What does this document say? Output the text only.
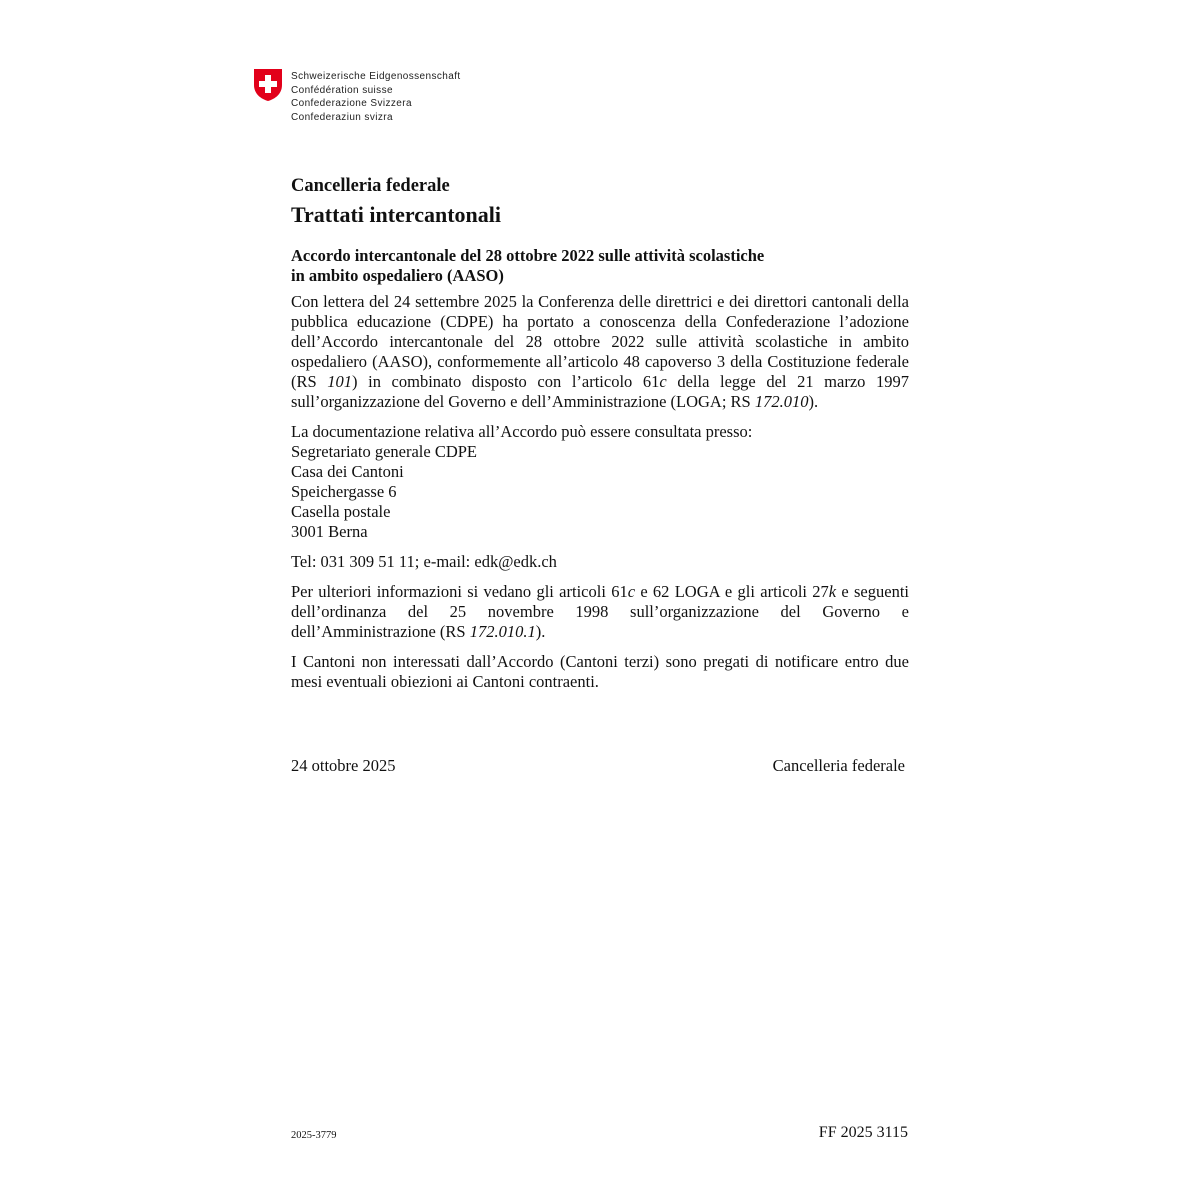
Schweizerische Eidgenossenschaft
Confédération suisse
Confederazione Svizzera
Confederaziun svizra
Cancelleria federale
Trattati intercantonali
Accordo intercantonale del 28 ottobre 2022 sulle attività scolastiche
in ambito ospedaliero (AASO)

Con lettera del 24 settembre 2025 la Conferenza delle direttrici e dei direttori cantonali della pubblica educazione (CDPE) ha portato a conoscenza della Confederazione l’adozione dell’Accordo intercantonale del 28 ottobre 2022 sulle attività scolastiche in ambito ospedaliero (AASO), conformemente all’articolo 48 capoverso 3 della Costituzione federale (RS 101) in combinato disposto con l’articolo 61c della legge del 21 marzo 1997 sull’organizzazione del Governo e dell’Amministrazione (LOGA; RS 172.010).

La documentazione relativa all’Accordo può essere consultata presso:
Segretariato generale CDPE
Casa dei Cantoni
Speichergasse 6
Casella postale
3001 Berna

Tel: 031 309 51 11; e-mail: edk@edk.ch

Per ulteriori informazioni si vedano gli articoli 61c e 62 LOGA e gli articoli 27k e seguenti dell’ordinanza del 25 novembre 1998 sull’organizzazione del Governo e dell’Amministrazione (RS 172.010.1).

I Cantoni non interessati dall’Accordo (Cantoni terzi) sono pregati di notificare entro due mesi eventuali obiezioni ai Cantoni contraenti.

24 ottobre 2025	Cancelleria federale
2025-3779	FF 2025 3115
